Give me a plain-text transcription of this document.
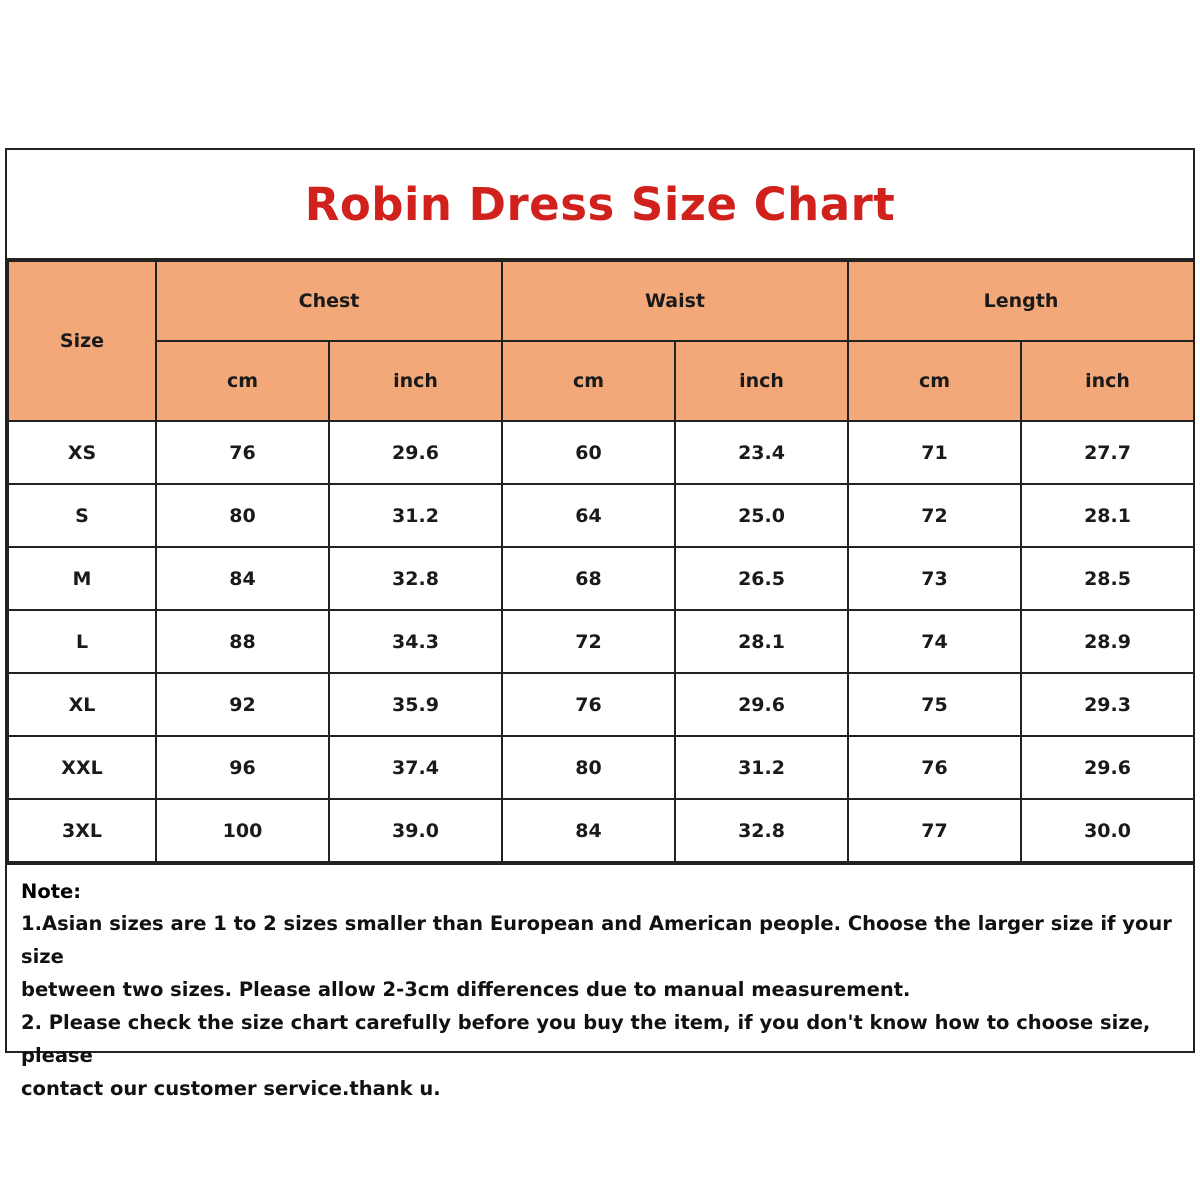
Robin Dress Size Chart
Size	Chest		Waist		Length	
	cm	inch	cm	inch	cm	inch
XS	76	29.6	60	23.4	71	27.7
S	80	31.2	64	25.0	72	28.1
M	84	32.8	68	26.5	73	28.5
L	88	34.3	72	28.1	74	28.9
XL	92	35.9	76	29.6	75	29.3
XXL	96	37.4	80	31.2	76	29.6
3XL	100	39.0	84	32.8	77	30.0
Note:
1.Asian sizes are 1 to 2 sizes smaller than European and American people. Choose the larger size if your size
between two sizes. Please allow 2-3cm differences due to manual measurement.
2. Please check the size chart carefully before you buy the item, if you don't know how to choose size, please
contact our customer service.thank u.
